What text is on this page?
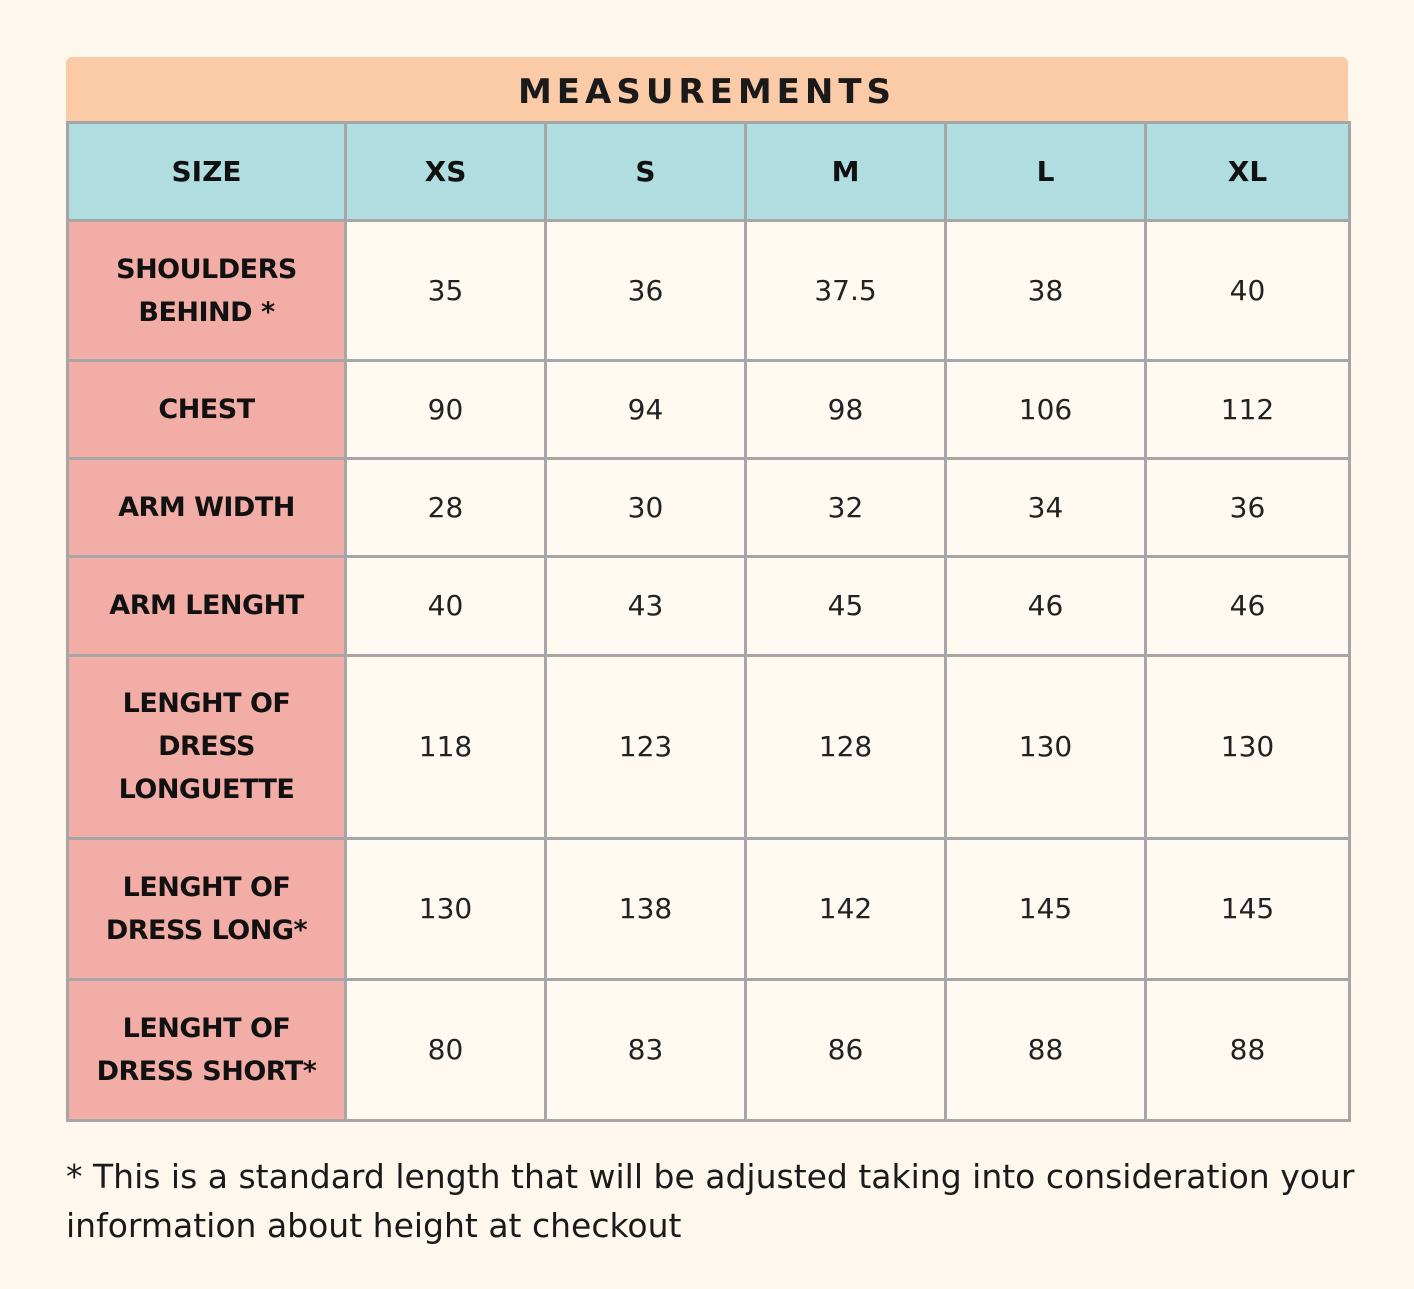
MEASUREMENTS
SIZE	XS	S	M	L	XL

SHOULDERS BEHIND *	35	36	37.5	38	40
CHEST	90	94	98	106	112
ARM WIDTH	28	30	32	34	36
ARM LENGHT	40	43	45	46	46

LENGHT OF DRESS LONGUETTE	118	123	128	130	130

LENGHT OF DRESS LONG*	130	138	142	145	145

LENGHT OF DRESS SHORT*	80	83	86	88	88
* This is a standard length that will be adjusted taking into consideration your information about height at checkout
